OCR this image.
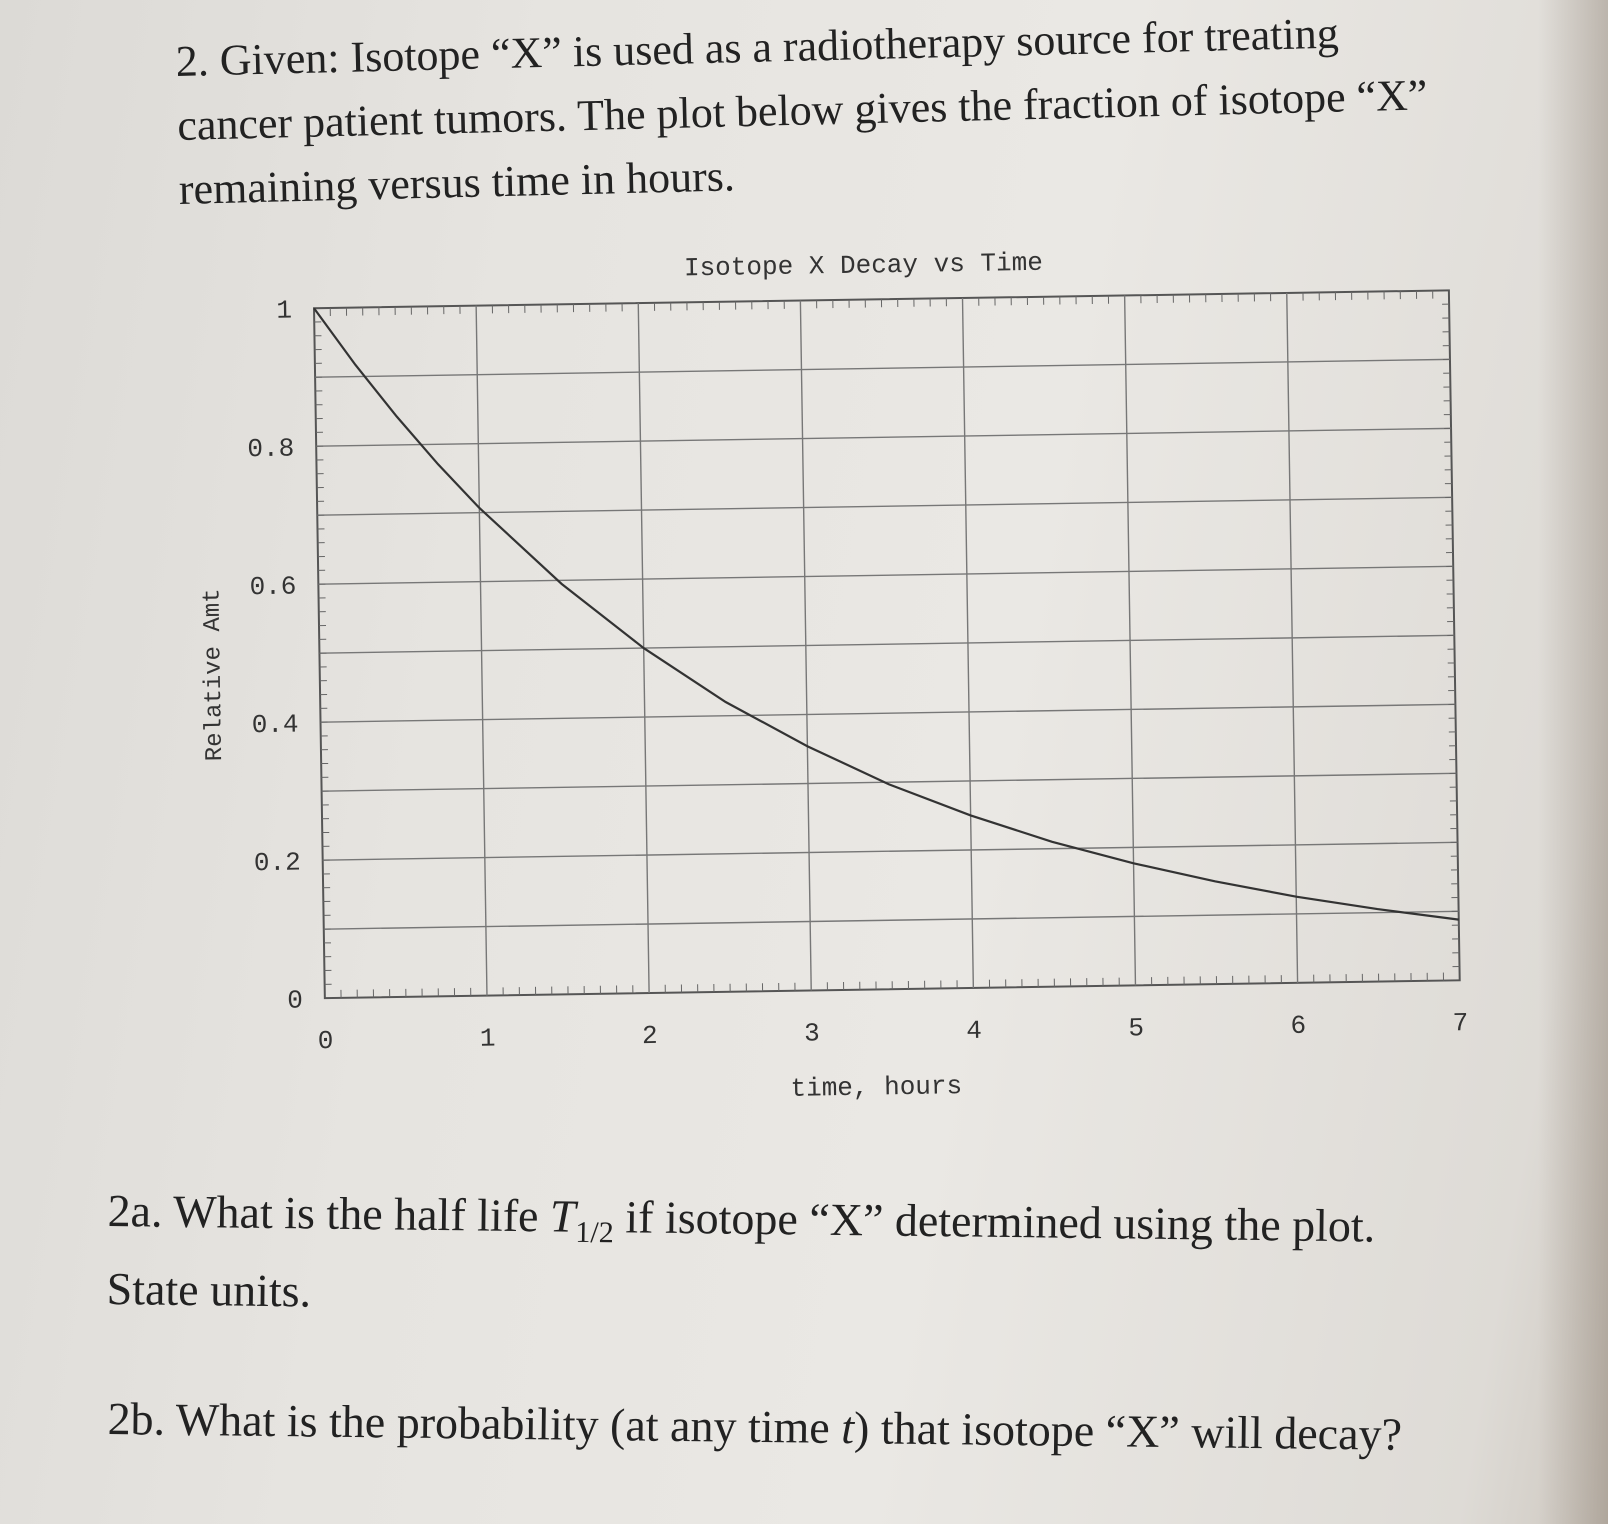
2. Given: Isotope “X” is used as a radiotherapy source for treating
cancer patient tumors. The plot below gives the fraction of isotope “X”
remaining versus time in hours.
Isotope X Decay vs Time
0	1	2	3	4	5	6	7
0
0.2
0.4
0.6
0.8
1
time, hours
Relative Amt
2a. What is the half life $T_{1/2}$ if isotope “X” determined using the plot.
State units.
2b. What is the probability (at any time t) that isotope “X” will decay?
